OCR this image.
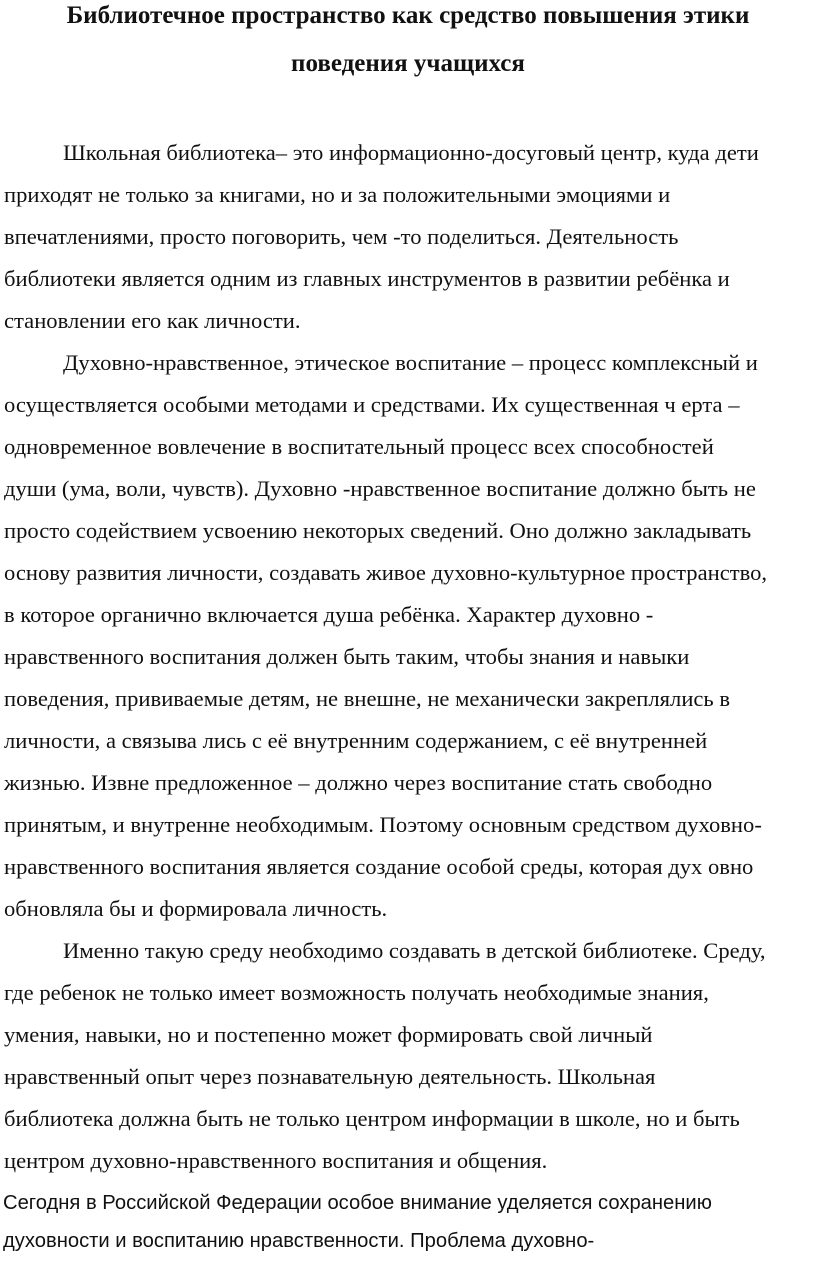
Библиотечное пространство как средство повышения этики
поведения учащихся
Школьная библиотека– это информационно-досуговый центр, куда дети
приходят не только за книгами, но и за положительными эмоциями и
впечатлениями, просто поговорить, чем -то поделиться. Деятельность
библиотеки является одним из главных инструментов в развитии ребёнка и
становлении его как личности.
Духовно-нравственное, этическое воспитание – процесс комплексный и
осуществляется особыми методами и средствами. Их существенная ч ерта –
одновременное вовлечение в воспитательный процесс всех способностей
души (ума, воли, чувств). Духовно -нравственное воспитание должно быть не
просто содействием усвоению некоторых сведений. Оно должно закладывать
основу развития личности, создавать живое духовно-культурное пространство,
в которое органично включается душа ребёнка. Характер духовно -
нравственного воспитания должен быть таким, чтобы знания и навыки
поведения, прививаемые детям, не внешне, не механически закреплялись в
личности, а связыва лись с её внутренним содержанием, с её внутренней
жизнью. Извне предложенное – должно через воспитание стать свободно
принятым, и внутренне необходимым. Поэтому основным средством духовно-
нравственного воспитания является создание особой среды, которая дух овно
обновляла бы и формировала личность.
Именно такую среду необходимо создавать в детской библиотеке. Среду,
где ребенок не только имеет возможность получать необходимые знания,
умения, навыки, но и постепенно может формировать свой личный
нравственный опыт через познавательную деятельность. Школьная
библиотека должна быть не только центром информации в школе, но и быть
центром духовно-нравственного воспитания и общения.
Сегодня в Российской Федерации особое внимание уделяется сохранению
духовности и воспитанию нравственности. Проблема духовно-
